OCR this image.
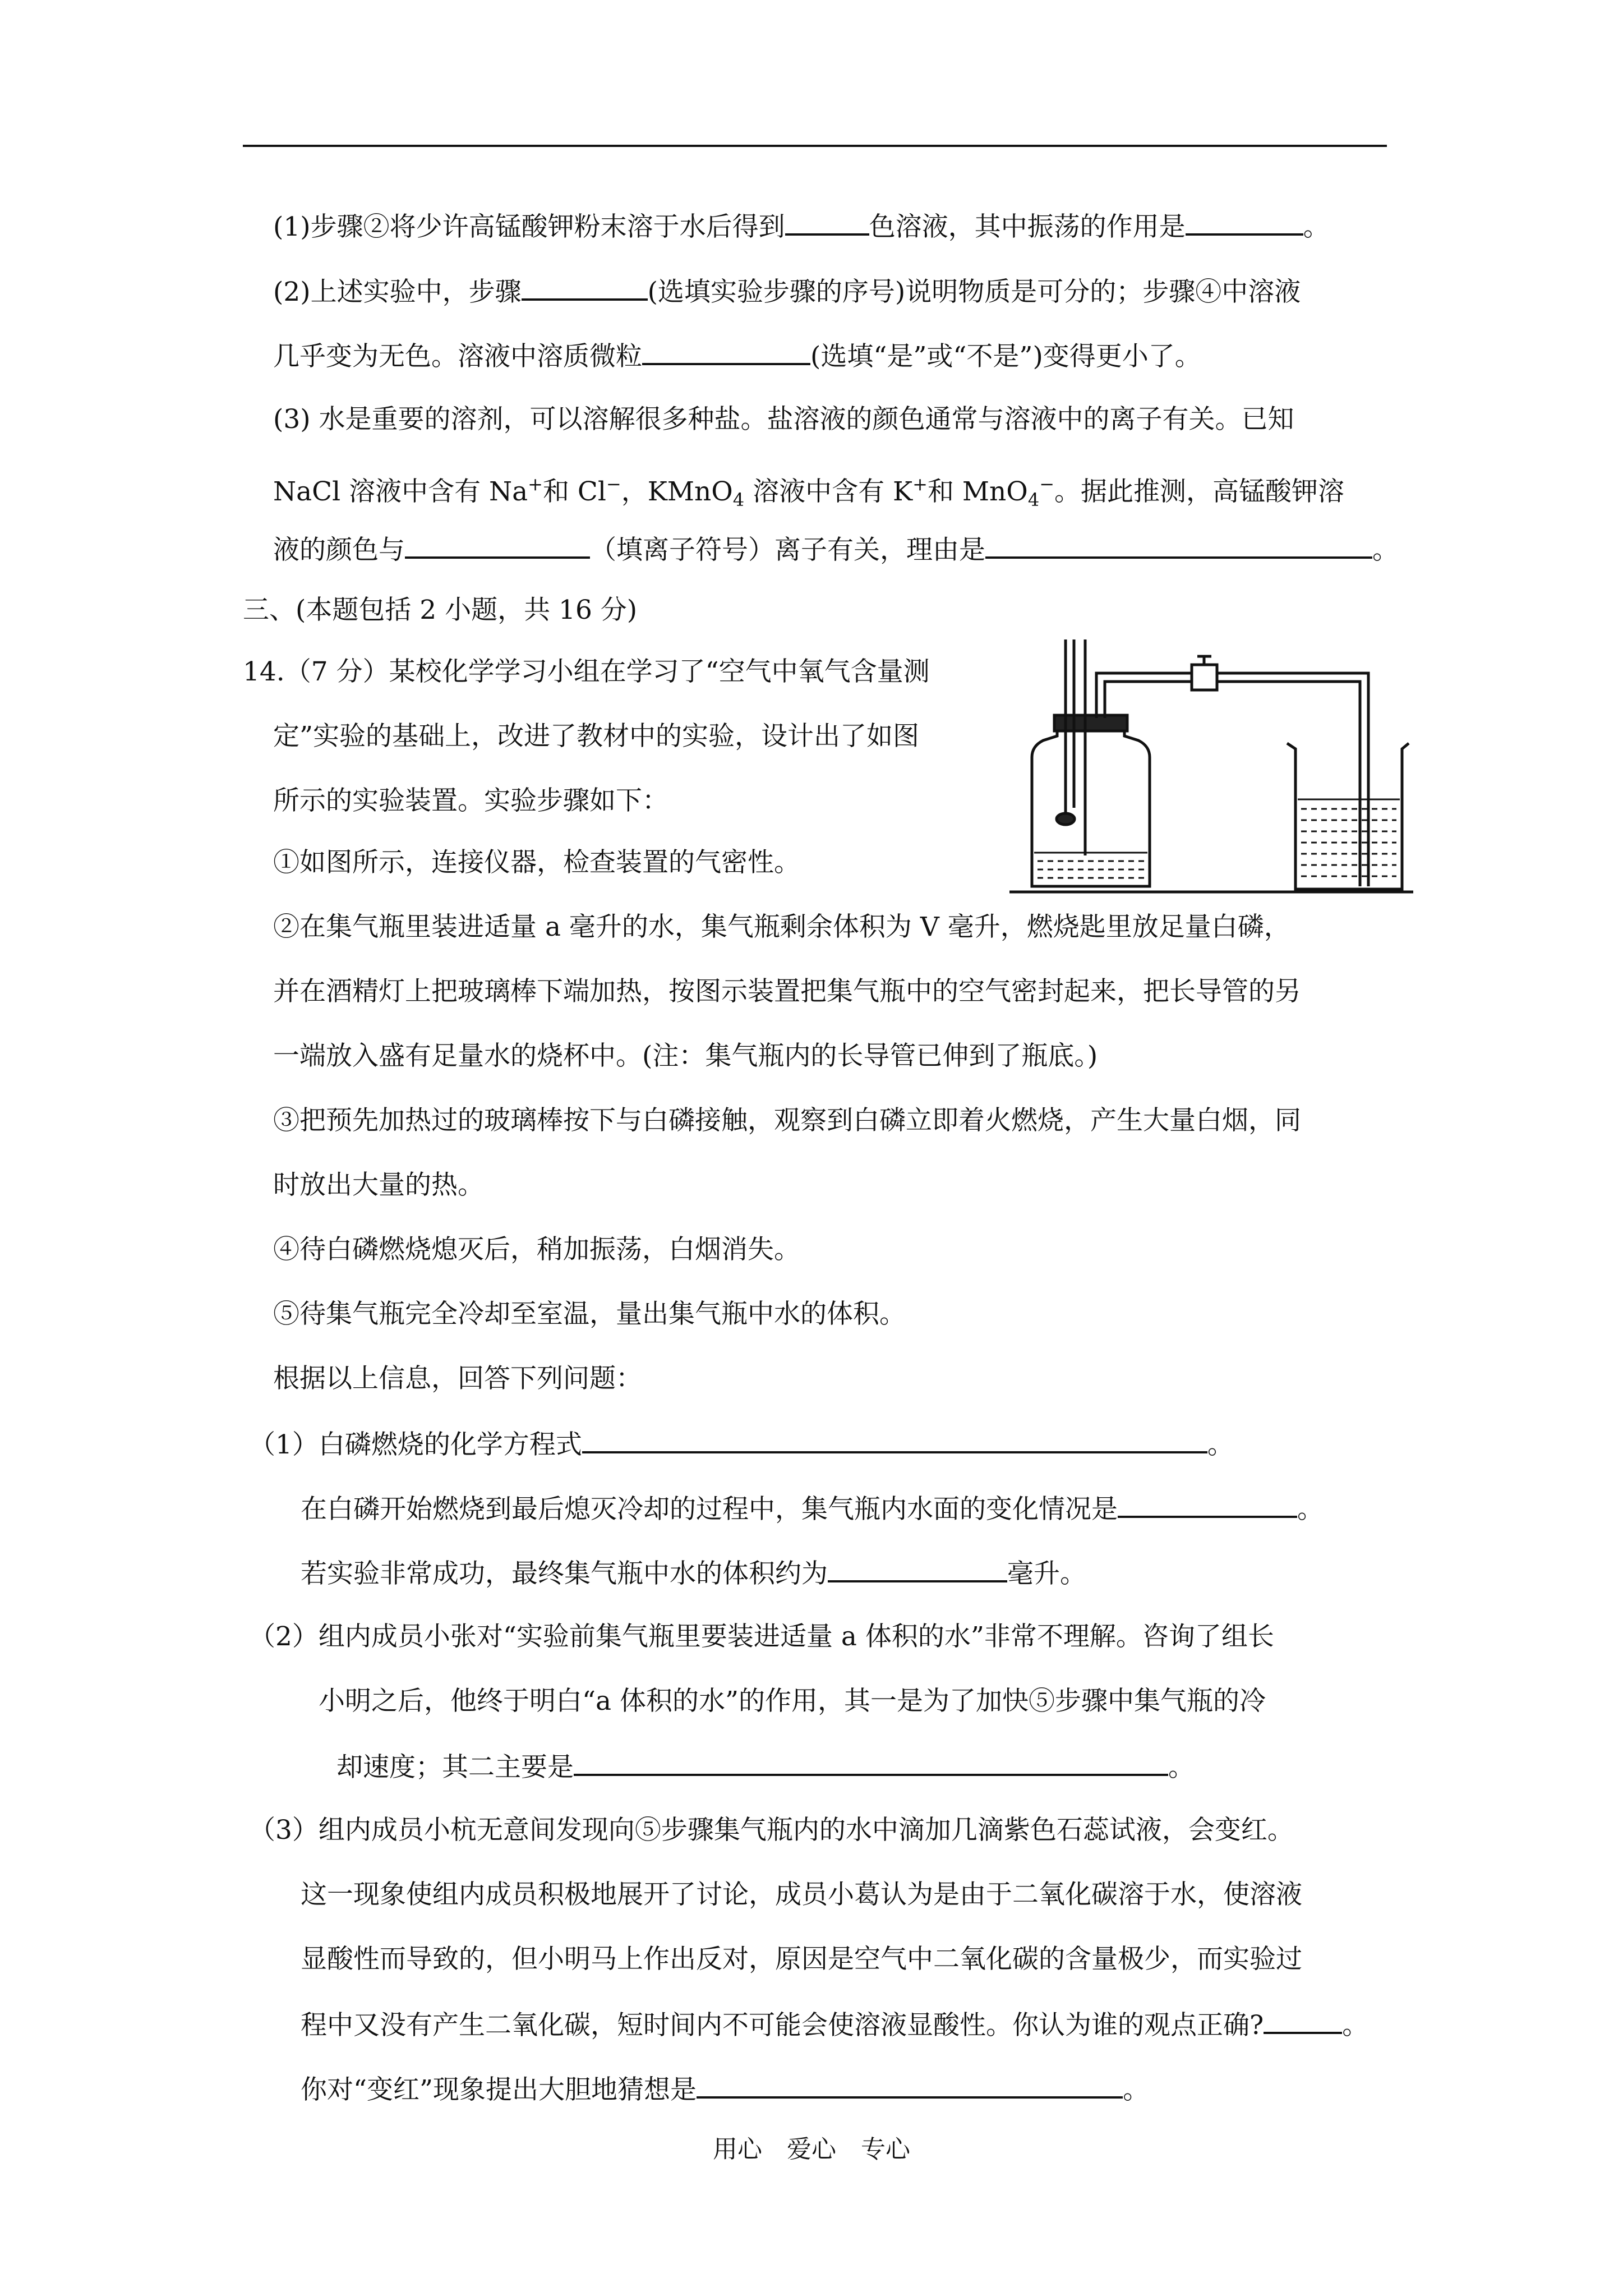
(1)步骤②将少许高锰酸钾粉末溶于水后得到	色溶液，其中振荡的作用是	。
(2)上述实验中，步骤	(选填实验步骤的序号)说明物质是可分的；步骤④中溶液
几乎变为无色。溶液中溶质微粒	(选填“是”或“不是”)变得更小了。
(3) 水是重要的溶剂，可以溶解很多种盐。盐溶液的颜色通常与溶液中的离子有关。已知
NaCl 溶液中含有 Na+和 Cl−，KMnO$_4$ 溶液中含有 K+和 MnO$_4$−。据此推测，高锰酸钾溶
液的颜色与	（填离子符号）离子有关，理由是	。
三、(本题包括 2 小题，共 16 分)
14.（7 分）某校化学学习小组在学习了“空气中氧气含量测
定”实验的基础上，改进了教材中的实验，设计出了如图
所示的实验装置。实验步骤如下：
①如图所示，连接仪器，检查装置的气密性。
②在集气瓶里装进适量 a 毫升的水，集气瓶剩余体积为 V 毫升，燃烧匙里放足量白磷，
并在酒精灯上把玻璃棒下端加热，按图示装置把集气瓶中的空气密封起来，把长导管的另
一端放入盛有足量水的烧杯中。(注：集气瓶内的长导管已伸到了瓶底。)
③把预先加热过的玻璃棒按下与白磷接触，观察到白磷立即着火燃烧，产生大量白烟，同
时放出大量的热。
④待白磷燃烧熄灭后，稍加振荡，白烟消失。
⑤待集气瓶完全冷却至室温，量出集气瓶中水的体积。
根据以上信息，回答下列问题：
（1）白磷燃烧的化学方程式	。
在白磷开始燃烧到最后熄灭冷却的过程中，集气瓶内水面的变化情况是	。
若实验非常成功，最终集气瓶中水的体积约为	毫升。
（2）组内成员小张对“实验前集气瓶里要装进适量 a 体积的水”非常不理解。咨询了组长
小明之后，他终于明白“a 体积的水”的作用，其一是为了加快⑤步骤中集气瓶的冷
却速度；其二主要是	。
（3）组内成员小杭无意间发现向⑤步骤集气瓶内的水中滴加几滴紫色石蕊试液，会变红。
这一现象使组内成员积极地展开了讨论，成员小葛认为是由于二氧化碳溶于水，使溶液
显酸性而导致的，但小明马上作出反对，原因是空气中二氧化碳的含量极少，而实验过
程中又没有产生二氧化碳，短时间内不可能会使溶液显酸性。你认为谁的观点正确?	。
你对“变红”现象提出大胆地猜想是	。
用心　爱心　专心
